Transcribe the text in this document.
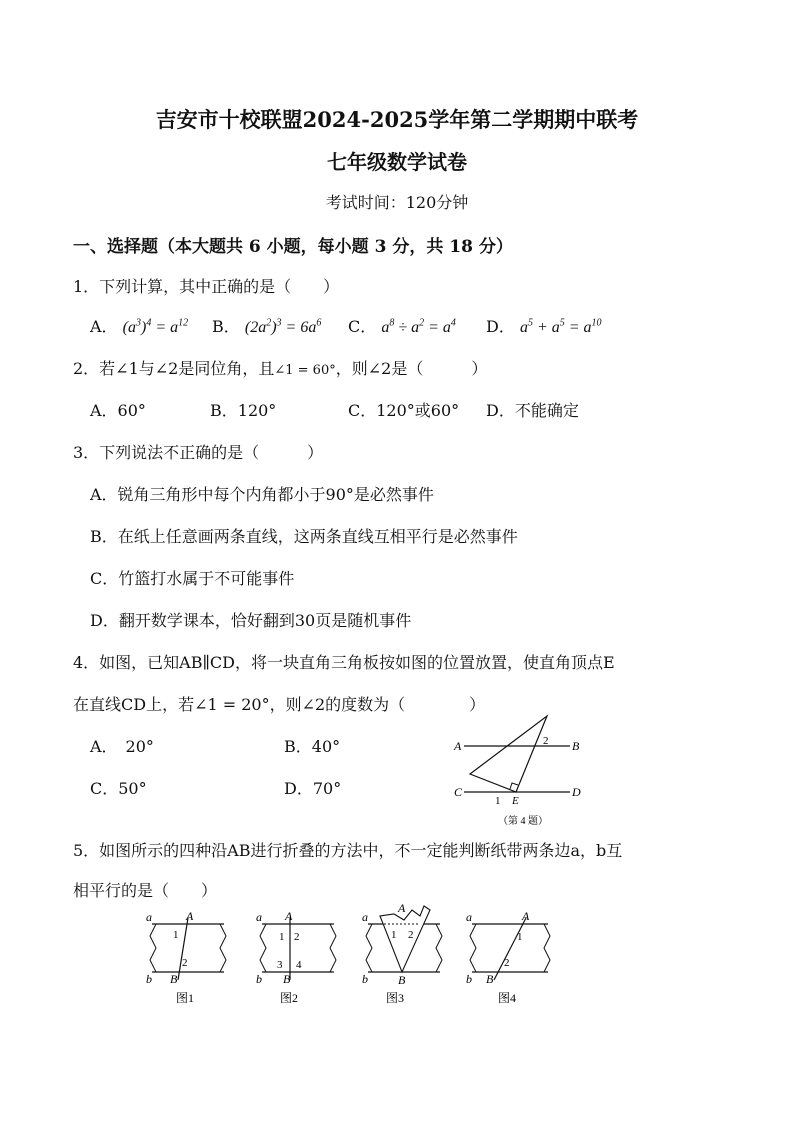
吉安市十校联盟2024-2025学年第二学期期中联考
七年级数学试卷
考试时间：120分钟
一、选择题（本大题共 6 小题，每小题 3 分，共 18 分）
1．下列计算，其中正确的是（　　）
A． $(a^3)^4 = a^{12}$ B． $(2a^2)^3 = 6a^6$ C． $a^8 \div a^2 = a^4$ D． $a^5 + a^5 = a^{10}$
2．若∠1与∠2是同位角，且∠1 = 60°，则∠2是（　　　）
A．60°	B．120°	C．120°或60° D．不能确定
3．下列说法不正确的是（　　　）
A．锐角三角形中每个内角都小于90°是必然事件
B．在纸上任意画两条直线，这两条直线互相平行是必然事件
C．竹篮打水属于不可能事件
D．翻开数学课本，恰好翻到30页是随机事件
4．如图，已知AB∥CD，将一块直角三角板按如图的位置放置，使直角顶点E
在直线CD上，若∠1 = 20°，则∠2的度数为（　　　　）
A．　20°	B．40°
C．50°	D．70°
A	B
C	D
E
1
2
（第 4 题）
5．如图所示的四种沿AB进行折叠的方法中，不一定能判断纸带两条边a，b互
相平行的是（　　）
a	A
1
2
b B
图1
a A
1 2
3 4
b B
图2
a
A
1 2
b	B
图3
a	A
1
2
b B
图4
